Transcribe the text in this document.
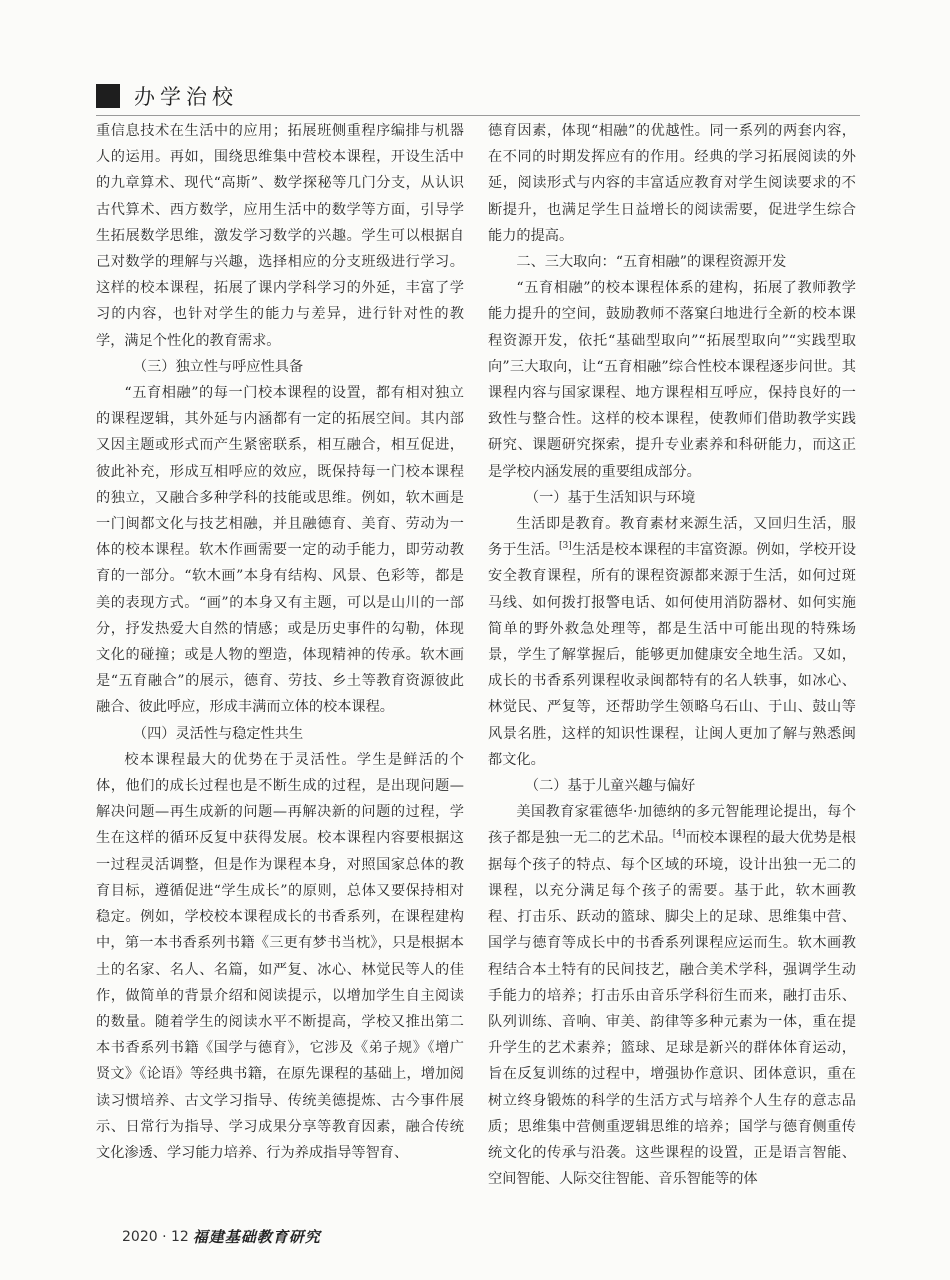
办学治校

重信息技术在生活中的应用；拓展班侧重程序编排与机器人的运用。再如，围绕思维集中营校本课程，开设生活中的九章算术、现代“高斯”、数学探秘等几门分支，从认识古代算术、西方数学，应用生活中的数学等方面，引导学生拓展数学思维，激发学习数学的兴趣。学生可以根据自己对数学的理解与兴趣，选择相应的分支班级进行学习。这样的校本课程，拓展了课内学科学习的外延，丰富了学习的内容，也针对学生的能力与差异，进行针对性的教学，满足个性化的教育需求。

（三）独立性与呼应性具备

“五育相融”的每一门校本课程的设置，都有相对独立的课程逻辑，其外延与内涵都有一定的拓展空间。其内部又因主题或形式而产生紧密联系，相互融合，相互促进，彼此补充，形成互相呼应的效应，既保持每一门校本课程的独立，又融合多种学科的技能或思维。例如，软木画是一门闽都文化与技艺相融，并且融德育、美育、劳动为一体的校本课程。软木作画需要一定的动手能力，即劳动教育的一部分。“软木画”本身有结构、风景、色彩等，都是美的表现方式。“画”的本身又有主题，可以是山川的一部分，抒发热爱大自然的情感；或是历史事件的勾勒，体现文化的碰撞；或是人物的塑造，体现精神的传承。软木画是“五育融合”的展示，德育、劳技、乡土等教育资源彼此融合、彼此呼应，形成丰满而立体的校本课程。

（四）灵活性与稳定性共生

校本课程最大的优势在于灵活性。学生是鲜活的个体，他们的成长过程也是不断生成的过程，是出现问题—解决问题—再生成新的问题—再解决新的问题的过程，学生在这样的循环反复中获得发展。校本课程内容要根据这一过程灵活调整，但是作为课程本身，对照国家总体的教育目标，遵循促进“学生成长”的原则，总体又要保持相对稳定。例如，学校校本课程成长的书香系列，在课程建构中，第一本书香系列书籍《三更有梦书当枕》，只是根据本土的名家、名人、名篇，如严复、冰心、林觉民等人的佳作，做简单的背景介绍和阅读提示，以增加学生自主阅读的数量。随着学生的阅读水平不断提高，学校又推出第二本书香系列书籍《国学与德育》，它涉及《弟子规》《增广贤文》《论语》等经典书籍，在原先课程的基础上，增加阅读习惯培养、古文学习指导、传统美德提炼、古今事件展示、日常行为指导、学习成果分享等教育因素，融合传统文化渗透、学习能力培养、行为养成指导等智育、

德育因素，体现“相融”的优越性。同一系列的两套内容，在不同的时期发挥应有的作用。经典的学习拓展阅读的外延，阅读形式与内容的丰富适应教育对学生阅读要求的不断提升，也满足学生日益增长的阅读需要，促进学生综合能力的提高。

二、三大取向：“五育相融”的课程资源开发

“五育相融”的校本课程体系的建构，拓展了教师教学能力提升的空间，鼓励教师不落窠臼地进行全新的校本课程资源开发，依托“基础型取向”“拓展型取向”“实践型取向”三大取向，让“五育相融”综合性校本课程逐步问世。其课程内容与国家课程、地方课程相互呼应，保持良好的一致性与整合性。这样的校本课程，使教师们借助教学实践研究、课题研究探索，提升专业素养和科研能力，而这正是学校内涵发展的重要组成部分。

（一）基于生活知识与环境

生活即是教育。教育素材来源生活，又回归生活，服务于生活。[3]生活是校本课程的丰富资源。例如，学校开设安全教育课程，所有的课程资源都来源于生活，如何过斑马线、如何拨打报警电话、如何使用消防器材、如何实施简单的野外救急处理等，都是生活中可能出现的特殊场景，学生了解掌握后，能够更加健康安全地生活。又如，成长的书香系列课程收录闽都特有的名人轶事，如冰心、林觉民、严复等，还帮助学生领略乌石山、于山、鼓山等风景名胜，这样的知识性课程，让闽人更加了解与熟悉闽都文化。

（二）基于儿童兴趣与偏好

美国教育家霍德华·加德纳的多元智能理论提出，每个孩子都是独一无二的艺术品。[4]而校本课程的最大优势是根据每个孩子的特点、每个区域的环境，设计出独一无二的课程，以充分满足每个孩子的需要。基于此，软木画教程、打击乐、跃动的篮球、脚尖上的足球、思维集中营、国学与德育等成长中的书香系列课程应运而生。软木画教程结合本土特有的民间技艺，融合美术学科，强调学生动手能力的培养；打击乐由音乐学科衍生而来，融打击乐、队列训练、音响、审美、韵律等多种元素为一体，重在提升学生的艺术素养；篮球、足球是新兴的群体体育运动，旨在反复训练的过程中，增强协作意识、团体意识，重在树立终身锻炼的科学的生活方式与培养个人生存的意志品质；思维集中营侧重逻辑思维的培养；国学与德育侧重传统文化的传承与沿袭。这些课程的设置，正是语言智能、空间智能、人际交往智能、音乐智能等的体

2020 · 12 福建基础教育研究
